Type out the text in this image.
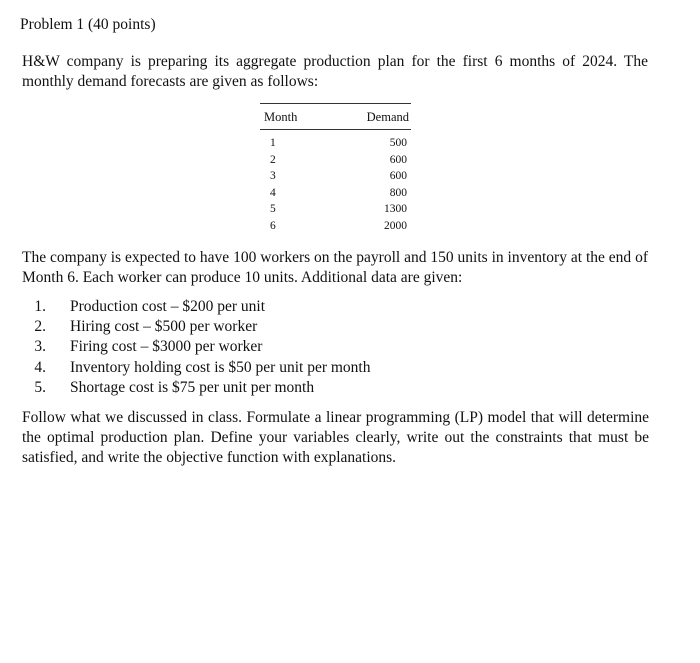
Problem 1 (40 points)
H&W company is preparing its aggregate production plan for the first 6 months of 2024. The monthly demand forecasts are given as follows:
Month	Demand
1	500
2	600
3	600
4	800
5	1300
6	2000
The company is expected to have 100 workers on the payroll and 150 units in inventory at the end of Month 6. Each worker can produce 10 units. Additional data are given:
1.	Production cost – $200 per unit
2.	Hiring cost – $500 per worker
3.	Firing cost – $3000 per worker
4.	Inventory holding cost is $50 per unit per month
5.	Shortage cost is $75 per unit per month
Follow what we discussed in class. Formulate a linear programming (LP) model that will determine the optimal production plan. Define your variables clearly, write out the constraints that must be satisfied, and write the objective function with explanations.
